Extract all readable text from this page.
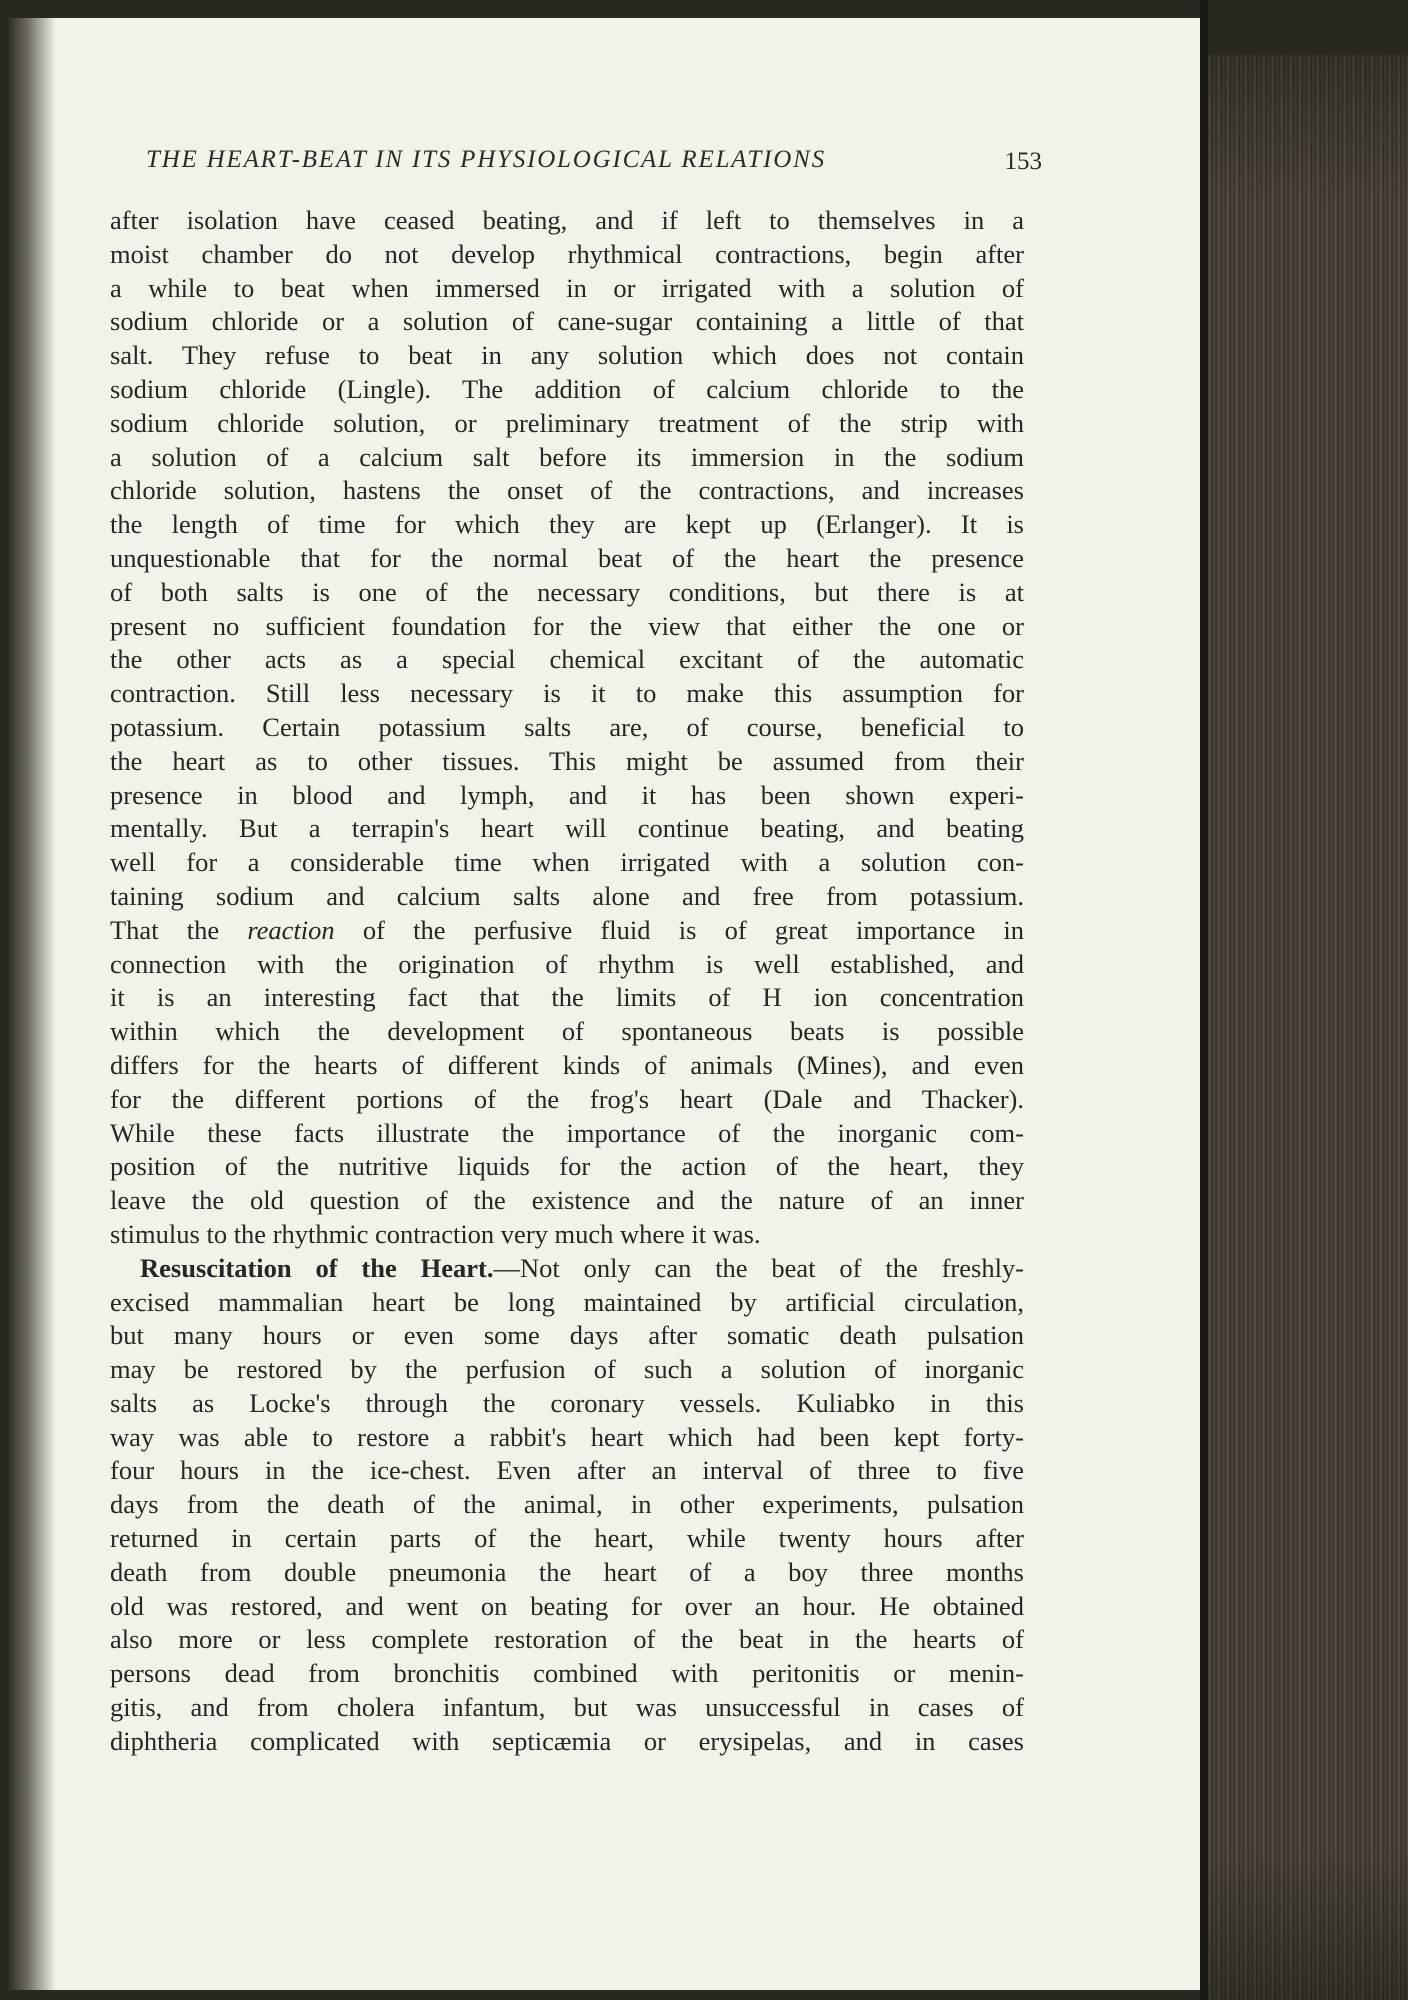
THE HEART-BEAT IN ITS PHYSIOLOGICAL RELATIONS	153
after isolation have ceased beating, and if left to themselves in a
moist chamber do not develop rhythmical contractions, begin after
a while to beat when immersed in or irrigated with a solution of
sodium chloride or a solution of cane-sugar containing a little of that
salt. They refuse to beat in any solution which does not contain
sodium chloride (Lingle). The addition of calcium chloride to the
sodium chloride solution, or preliminary treatment of the strip with
a solution of a calcium salt before its immersion in the sodium
chloride solution, hastens the onset of the contractions, and increases
the length of time for which they are kept up (Erlanger). It is
unquestionable that for the normal beat of the heart the presence
of both salts is one of the necessary conditions, but there is at
present no sufficient foundation for the view that either the one or
the other acts as a special chemical excitant of the automatic
contraction. Still less necessary is it to make this assumption for
potassium. Certain potassium salts are, of course, beneficial to
the heart as to other tissues. This might be assumed from their
presence in blood and lymph, and it has been shown experi-
mentally. But a terrapin's heart will continue beating, and beating
well for a considerable time when irrigated with a solution con-
taining sodium and calcium salts alone and free from potassium.
That the reaction of the perfusive fluid is of great importance in
connection with the origination of rhythm is well established, and
it is an interesting fact that the limits of H ion concentration
within which the development of spontaneous beats is possible
differs for the hearts of different kinds of animals (Mines), and even
for the different portions of the frog's heart (Dale and Thacker).
While these facts illustrate the importance of the inorganic com-
position of the nutritive liquids for the action of the heart, they
leave the old question of the existence and the nature of an inner
stimulus to the rhythmic contraction very much where it was.
Resuscitation of the Heart.—Not only can the beat of the freshly-
excised mammalian heart be long maintained by artificial circulation,
but many hours or even some days after somatic death pulsation
may be restored by the perfusion of such a solution of inorganic
salts as Locke's through the coronary vessels. Kuliabko in this
way was able to restore a rabbit's heart which had been kept forty-
four hours in the ice-chest. Even after an interval of three to five
days from the death of the animal, in other experiments, pulsation
returned in certain parts of the heart, while twenty hours after
death from double pneumonia the heart of a boy three months
old was restored, and went on beating for over an hour. He obtained
also more or less complete restoration of the beat in the hearts of
persons dead from bronchitis combined with peritonitis or menin-
gitis, and from cholera infantum, but was unsuccessful in cases of
diphtheria complicated with septicæmia or erysipelas, and in cases
